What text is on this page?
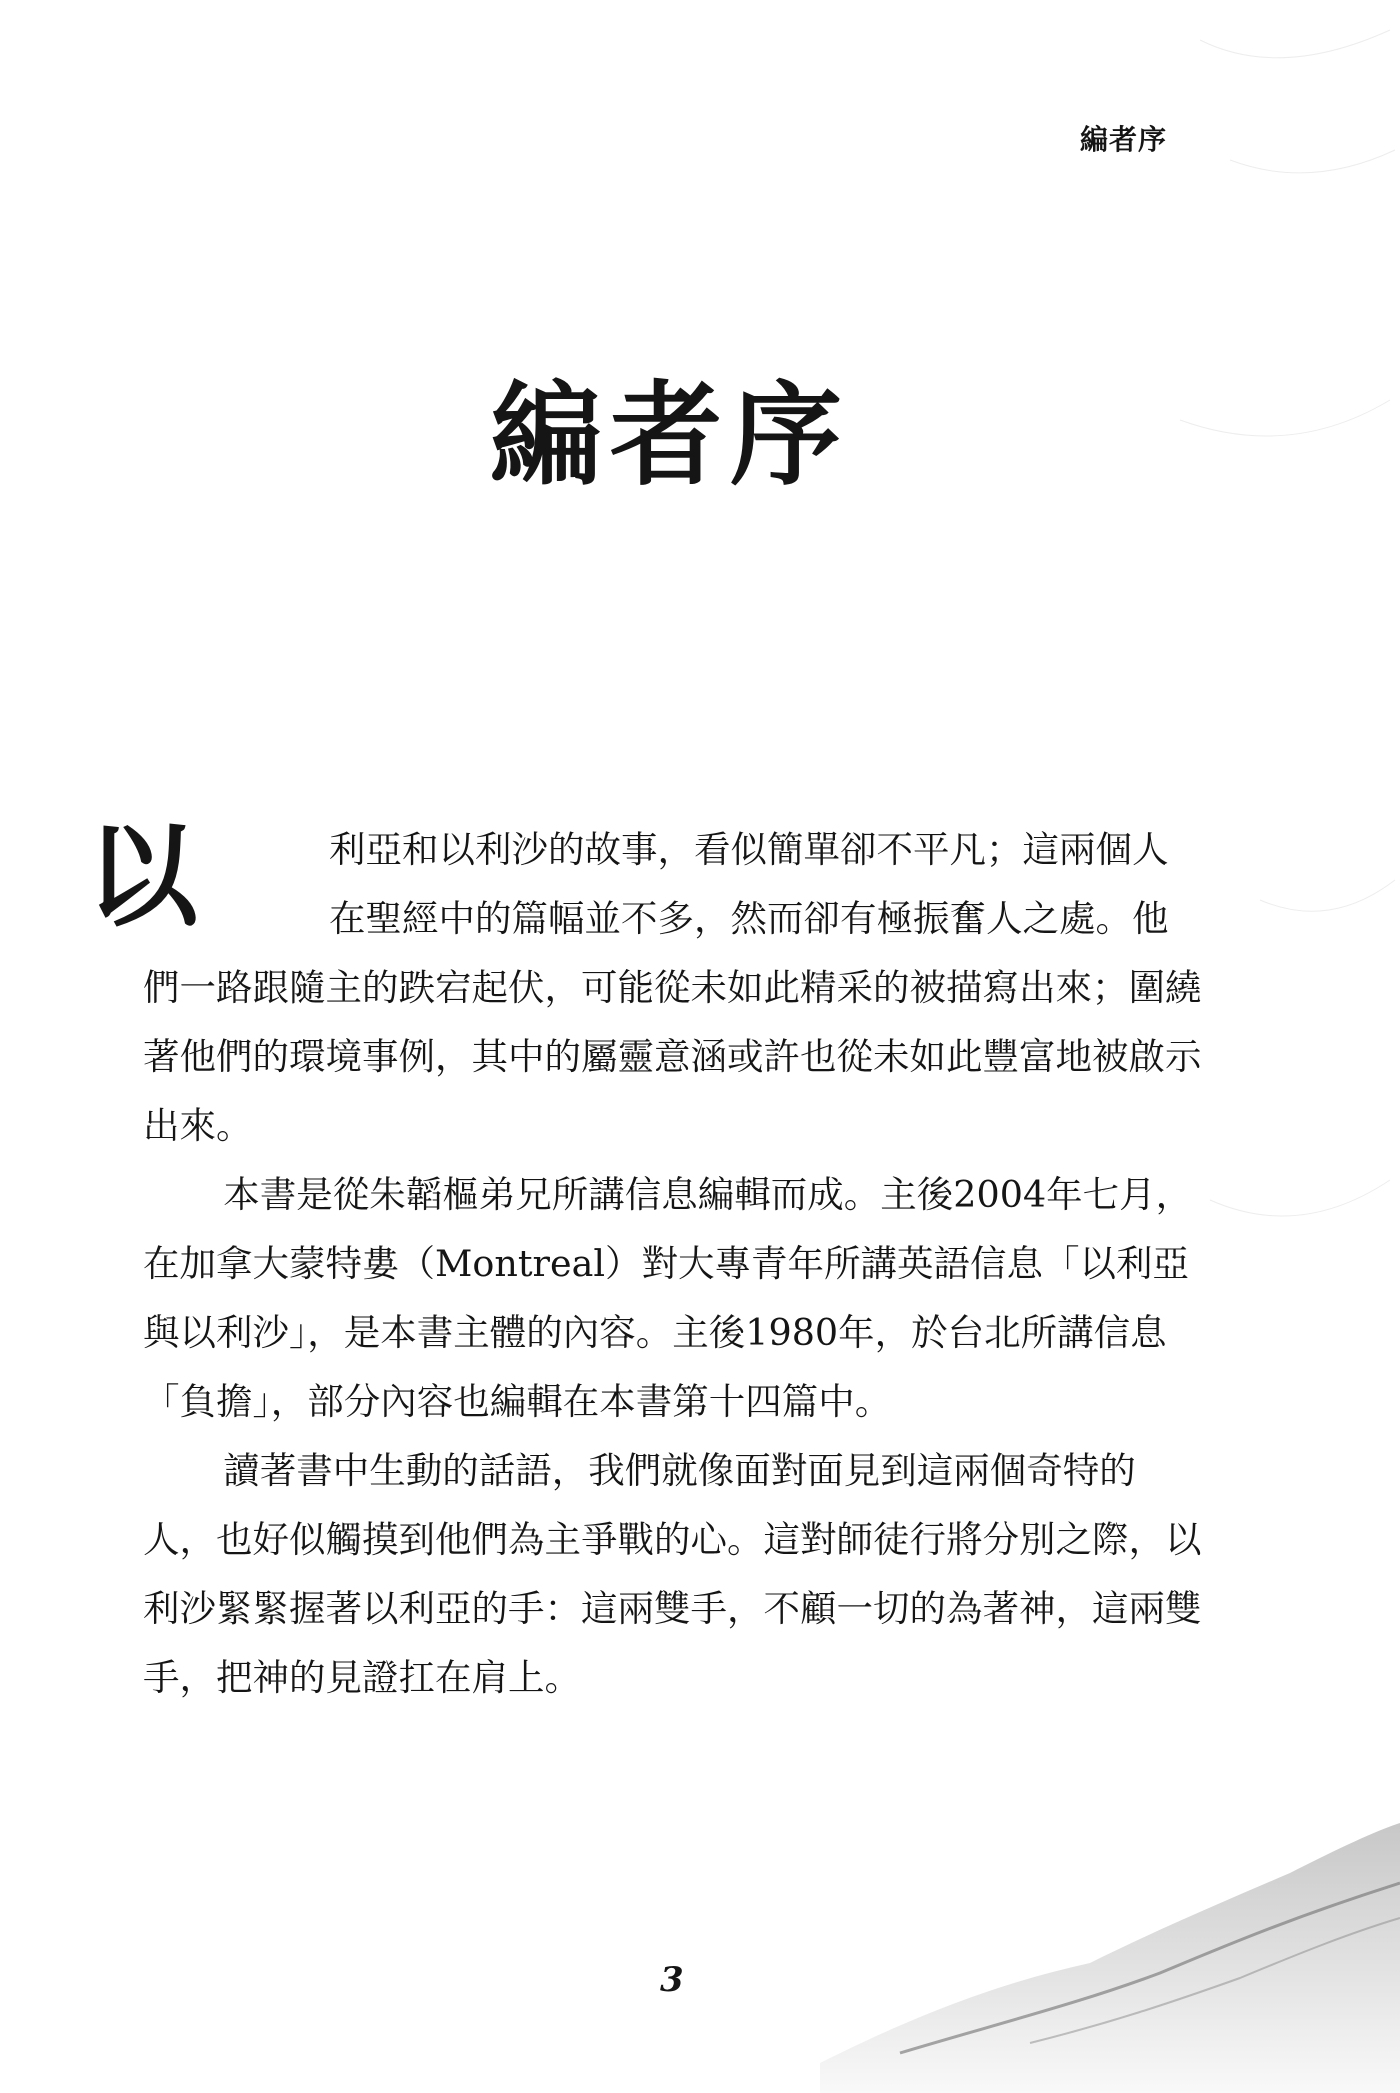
編者序
編者序

以	利亞和以利沙的故事，看似簡單卻不平凡；這兩個人在聖經中的篇幅並不多，然而卻有極振奮人之處。他們一路跟隨主的跌宕起伏，可能從未如此精采的被描寫出來；圍繞著他們的環境事例，其中的屬靈意涵或許也從未如此豐富地被啟示出來。

本書是從朱韜樞弟兄所講信息編輯而成。主後2004年七月，在加拿大蒙特婁（Montreal）對大專青年所講英語信息「以利亞與以利沙」，是本書主體的內容。主後1980年，於台北所講信息「負擔」，部分內容也編輯在本書第十四篇中。

讀著書中生動的話語，我們就像面對面見到這兩個奇特的人，也好似觸摸到他們為主爭戰的心。這對師徒行將分別之際，以利沙緊緊握著以利亞的手：這兩雙手，不顧一切的為著神，這兩雙手，把神的見證扛在肩上。

3
